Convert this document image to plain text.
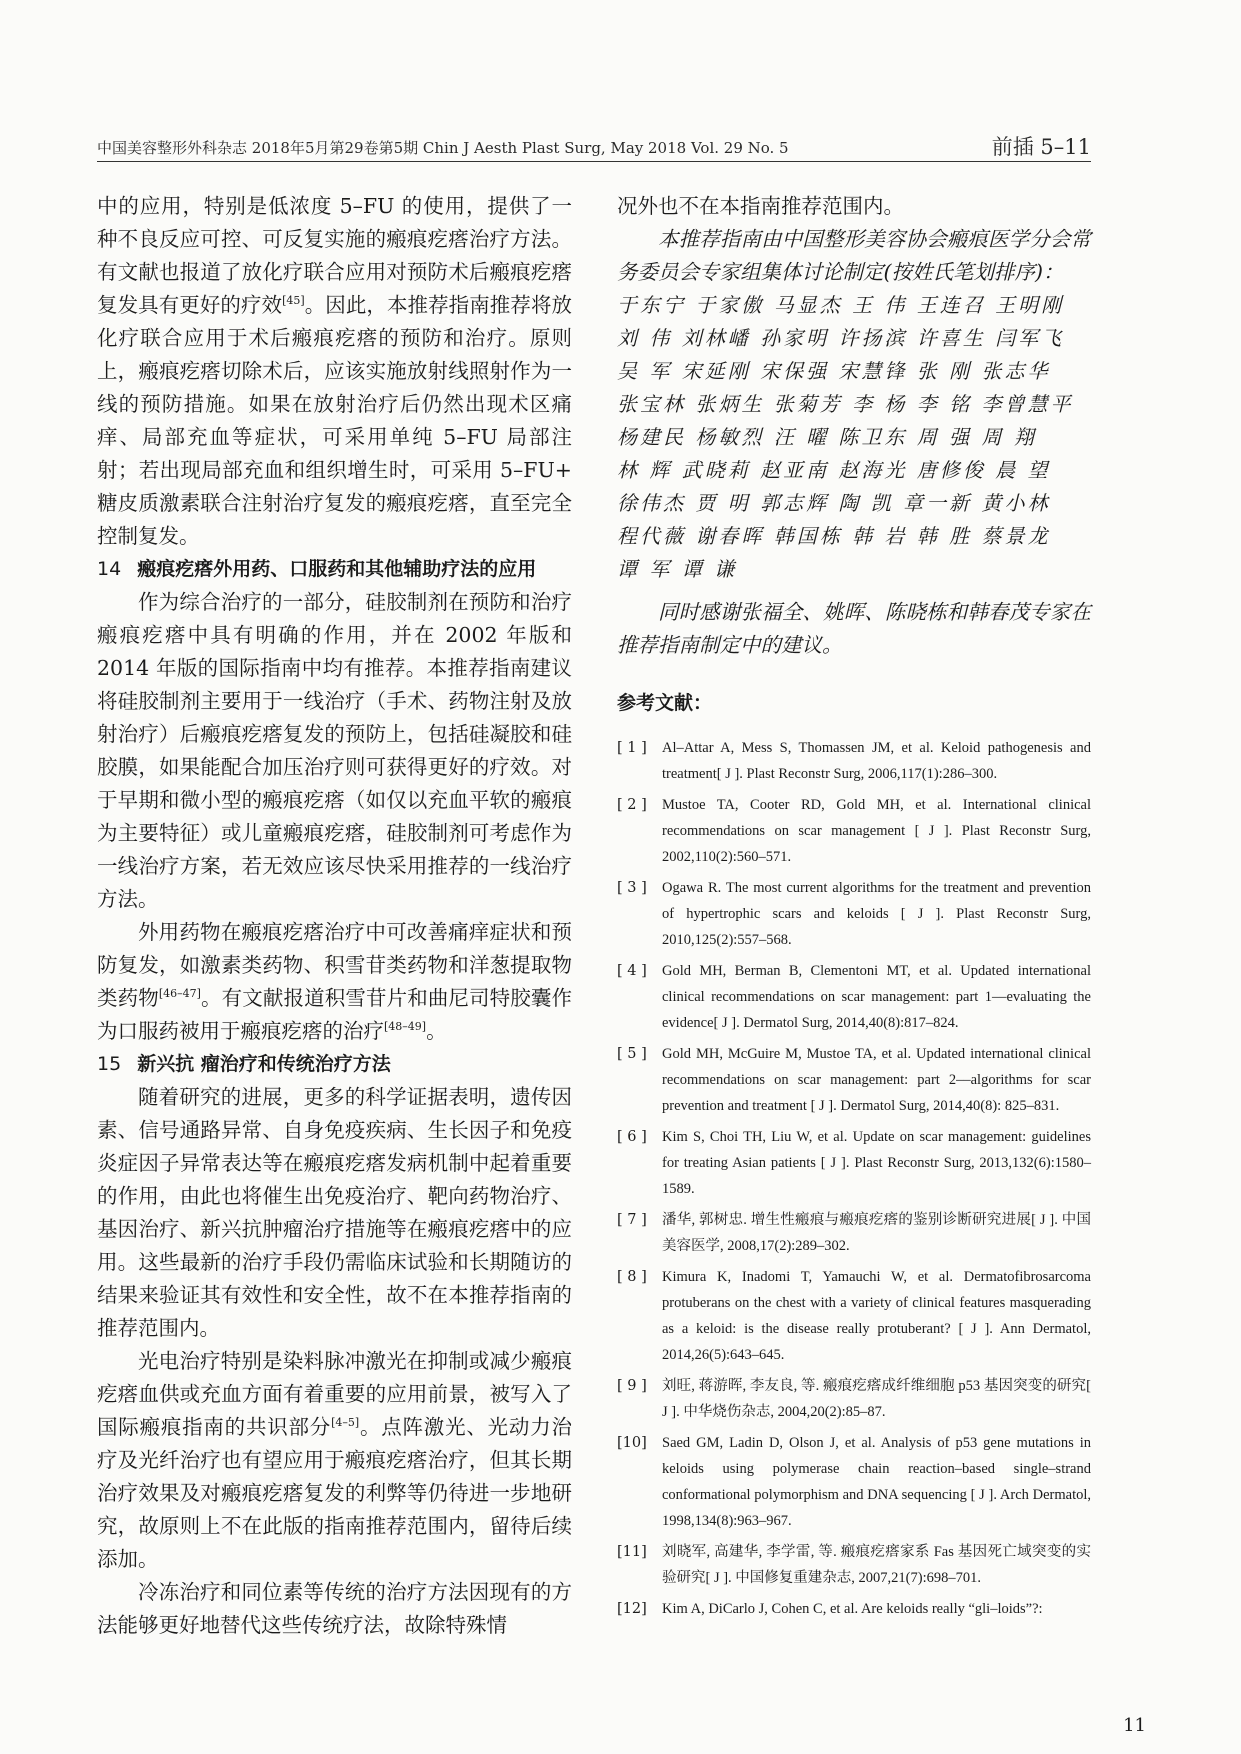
中国美容整形外科杂志 2018年5月第29卷第5期 Chin J Aesth Plast Surg, May 2018 Vol. 29 No. 5	前插 5–11

中的应用，特别是低浓度 5–FU 的使用，提供了一种不良反应可控、可反复实施的瘢痕疙瘩治疗方法。有文献也报道了放化疗联合应用对预防术后瘢痕疙瘩复发具有更好的疗效[45]。因此，本推荐指南推荐将放化疗联合应用于术后瘢痕疙瘩的预防和治疗。原则上，瘢痕疙瘩切除术后，应该实施放射线照射作为一线的预防措施。如果在放射治疗后仍然出现术区痛痒、局部充血等症状，可采用单纯 5–FU 局部注射；若出现局部充血和组织增生时，可采用 5–FU+ 糖皮质激素联合注射治疗复发的瘢痕疙瘩，直至完全控制复发。

14 瘢痕疙瘩外用药、口服药和其他辅助疗法的应用

作为综合治疗的一部分，硅胶制剂在预防和治疗瘢痕疙瘩中具有明确的作用，并在 2002 年版和 2014 年版的国际指南中均有推荐。本推荐指南建议将硅胶制剂主要用于一线治疗（手术、药物注射及放射治疗）后瘢痕疙瘩复发的预防上，包括硅凝胶和硅胶膜，如果能配合加压治疗则可获得更好的疗效。对于早期和微小型的瘢痕疙瘩（如仅以充血平软的瘢痕为主要特征）或儿童瘢痕疙瘩，硅胶制剂可考虑作为一线治疗方案，若无效应该尽快采用推荐的一线治疗方法。

外用药物在瘢痕疙瘩治疗中可改善痛痒症状和预防复发，如激素类药物、积雪苷类药物和洋葱提取物类药物[46–47]。有文献报道积雪苷片和曲尼司特胶囊作为口服药被用于瘢痕疙瘩的治疗[48–49]。

15 新兴抗 瘤治疗和传统治疗方法

随着研究的进展，更多的科学证据表明，遗传因素、信号通路异常、自身免疫疾病、生长因子和免疫炎症因子异常表达等在瘢痕疙瘩发病机制中起着重要的作用，由此也将催生出免疫治疗、靶向药物治疗、基因治疗、新兴抗肿瘤治疗措施等在瘢痕疙瘩中的应用。这些最新的治疗手段仍需临床试验和长期随访的结果来验证其有效性和安全性，故不在本推荐指南的推荐范围内。

光电治疗特别是染料脉冲激光在抑制或减少瘢痕疙瘩血供或充血方面有着重要的应用前景，被写入了国际瘢痕指南的共识部分[4–5]。点阵激光、光动力治疗及光纤治疗也有望应用于瘢痕疙瘩治疗，但其长期治疗效果及对瘢痕疙瘩复发的利弊等仍待进一步地研究，故原则上不在此版的指南推荐范围内，留待后续添加。

冷冻治疗和同位素等传统的治疗方法因现有的方法能够更好地替代这些传统疗法，故除特殊情

况外也不在本指南推荐范围内。

本推荐指南由中国整形美容协会瘢痕医学分会常务委员会专家组集体讨论制定(按姓氏笔划排序)：

于东宁 于家傲 马显杰 王 伟 王连召 王明刚

刘 伟 刘林嶓 孙家明 许扬滨 许喜生 闫军飞

吴 军 宋延刚 宋保强 宋慧锋 张 刚 张志华

张宝林 张炳生 张菊芳 李 杨 李 铭 李曾慧平

杨建民 杨敏烈 汪 曜 陈卫东 周 强 周 翔

林 辉 武晓莉 赵亚南 赵海光 唐修俊 晨 望

徐伟杰 贾 明 郭志辉 陶 凯 章一新 黄小林

程代薇 谢春晖 韩国栋 韩 岩 韩 胜 蔡景龙

谭 军 谭 谦

同时感谢张福全、姚晖、陈晓栋和韩春茂专家在推荐指南制定中的建议。

参考文献：

[ 1 ] Al–Attar A, Mess S, Thomassen JM, et al. Keloid pathogenesis and treatment[ J ]. Plast Reconstr Surg, 2006,117(1):286–300.

[ 2 ] Mustoe TA, Cooter RD, Gold MH, et al. International clinical recommendations on scar management [ J ]. Plast Reconstr Surg, 2002,110(2):560–571.

[ 3 ] Ogawa R. The most current algorithms for the treatment and prevention of hypertrophic scars and keloids [ J ]. Plast Reconstr Surg, 2010,125(2):557–568.

[ 4 ] Gold MH, Berman B, Clementoni MT, et al. Updated international clinical recommendations on scar management: part 1––evaluating the evidence[ J ]. Dermatol Surg, 2014,40(8):817–824.

[ 5 ] Gold MH, McGuire M, Mustoe TA, et al. Updated international clinical recommendations on scar management: part 2––algorithms for scar prevention and treatment [ J ]. Dermatol Surg, 2014,40(8): 825–831.

[ 6 ] Kim S, Choi TH, Liu W, et al. Update on scar management: guidelines for treating Asian patients [ J ]. Plast Reconstr Surg, 2013,132(6):1580–1589.

[ 7 ] 潘华, 郭树忠. 增生性瘢痕与瘢痕疙瘩的鉴别诊断研究进展[ J ]. 中国美容医学, 2008,17(2):289–302.

[ 8 ] Kimura K, Inadomi T, Yamauchi W, et al. Dermatofibrosarcoma protuberans on the chest with a variety of clinical features masquerading as a keloid: is the disease really protuberant? [ J ]. Ann Dermatol, 2014,26(5):643–645.

[ 9 ] 刘旺, 蒋游晖, 李友良, 等. 瘢痕疙瘩成纤维细胞 p53 基因突变的研究[ J ]. 中华烧伤杂志, 2004,20(2):85–87.

[10] Saed GM, Ladin D, Olson J, et al. Analysis of p53 gene mutations in keloids using polymerase chain reaction–based single–strand conformational polymorphism and DNA sequencing [ J ]. Arch Dermatol, 1998,134(8):963–967.

[11] 刘晓军, 高建华, 李学雷, 等. 瘢痕疙瘩家系 Fas 基因死亡域突变的实验研究[ J ]. 中国修复重建杂志, 2007,21(7):698–701.

[12] Kim A, DiCarlo J, Cohen C, et al. Are keloids really “gli–loids”?:

11
